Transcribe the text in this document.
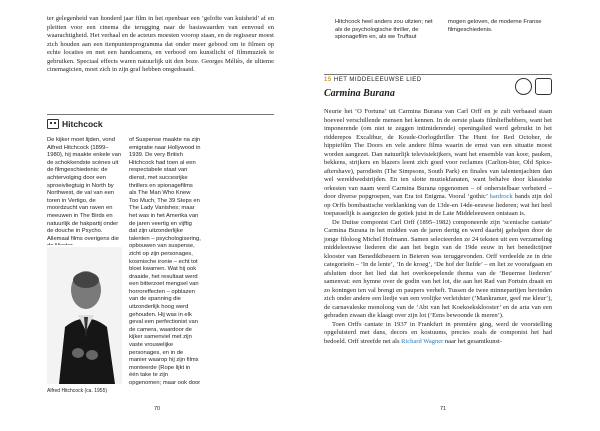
ter gelegenheid van honderd jaar film in het openbaar een ‘gelofte van kuisheid’ af en pleitten voor een cinema die terugging naar de basiswaarden van eenvoud en waarachtigheid. Het verhaal en de acteurs moesten voorop staan, en de regisseur moest zich houden aan een tienpuntenprogramma dat onder meer gebood om te filmen op echte locaties en met een handcamera, en verbood om kunstlicht of filmmuziek te gebruiken. Speciaal effects waren natuurlijk uit den boze. Georges Méliès, de ultieme cinemagicien, moet zich in zijn graf hebben omgedraaid.
Hitchcock
De kijker moet lijden, vond Alfred Hitchcock (1899–1980), hij maakte enkele van de schokkendste scènes uit de filmgeschiedenis: de achtervolging door een sproeivliegtuig in North by Northwest, de val van een toren in Vertigo, de moordzucht van raven en meeuwen in The Birds en natuurlijk de hakpartij onder de douche in Psycho. Allemaal films overigens die
of Suspense maakte na zijn emigratie naar Hollywood in 1939. De very British Hitchcock had toen al een respectabele staat van dienst, met succesrijke thrillers en spionagefilms als The Man Who Knew Too Much, The 39 Steps en The Lady Vanishes; maar het was in het Amerika van de jaren veertig en vijftig dat zijn uitzonderlijke talenten – psychologisering, opbouwen van suspense, zicht op zijn personages, kosmische ironie – echt tot bloei kwamen. Wat hij ook draaide, het resultaat werd een bitterzoet mengsel van horroreffecten – opblazen van de spanning die uitzonderlijk hoog werd gehouden. Hij was in elk geval een perfectionist van de camera, waardoor de kijker samenviel met zijn vaste vrouwelijke personages, en in de manier waarop hij zijn films monteerde (Rope lijkt in één take te zijn opgenomen; maar ook door
Alfred Hitchcock (ca. 1955)
70
Hitchcock heel anders zou uitzien; net als de psychologische thriller, de spionagefilm en, als we Truffaut
mogen geloven, de moderne Franse filmgeschiedenis.
15 HET MIDDELEEUWSE LIED
Carmina Burana
Neurie het ‘O Fortuna’ uit Carmina Burana van Carl Orff en je zult verbaasd staan hoeveel verschillende mensen het kennen. In de eerste plaats filmliefhebbers, want het imponerende (om niet te zeggen intimiderende) openingslied werd gebruikt in het ridderepos Excalibur, de Koude-Oorlogthriller The Hunt for Red October, de hippiefilm The Doors en vele andere films waarin de ernst van een situatie moest worden aangezet. Dan natuurlijk televisiekijkers, want het ensemble van koor, pauken, bekkens, strijkers en blazers leent zich goed voor reclames (Carlton-bier, Old Spice-aftershave), parodieën (The Simpsons, South Park) en finales van talentenjachten dan wel wereldwedstrijden. En ten slotte muziekfanaten, want behalve door klassieke orkesten van naam werd Carmina Burana opgenomen – of onherstelbaar verbeterd – door diverse popgroepen, van Era tot Enigma. Vooral ‘gothic’ hardrock bands zijn dol op Orffs bombastische verklanking van de 13de-en 14de-eeuwse liederen; wat het heel toepasselijk is aangezien de gotiek juist in de Late Middeleeuwen ontstaan is.
De Duitse componist Carl Orff (1895–1982) componeerde zijn ‘scenische cantate’ Carmina Burana in het midden van de jaren dertig en werd daarbij geholpen door de jonge filoloog Michel Hofmann. Samen selecteerden ze 24 teksten uit een verzameling middeleeuwse liederen die aan het begin van de 19de eeuw in het benedictijner klooster van Benediktbeuern in Beieren was teruggevonden. Orff verdeelde ze in drie categorieën – ‘In de lente’, ‘In de kroeg’, ‘De hof der liefde’ – en liet ze voorafgaan en afsluiten door het lied dat het overkoepelende thema van de ‘Beuernse liederen’ samenvat: een hymne over de godin van het lot, die aan het Rad van Fortuin draait en zo koningen ten val brengt en paupers verheft. Tussen de twee minnepartijen bevinden zich onder andere een liedje van een vrolijke verleidster (‘Mankramer, geef me kleur’), de carnavaleske monoloog van de ‘Abt van het Koekoeksklooster’ en de aria van een gebraden zwaan die klaagt over zijn lot (‘Eens bewoonde ik meren’).
Toen Orffs cantate in 1937 in Frankfurt in première ging, werd de voorstelling opgeluisterd met dans, decors en kostuums, precies zoals de componist het had bedoeld. Orff streefde net als Richard Wagner naar het gesamtkunst-
71
